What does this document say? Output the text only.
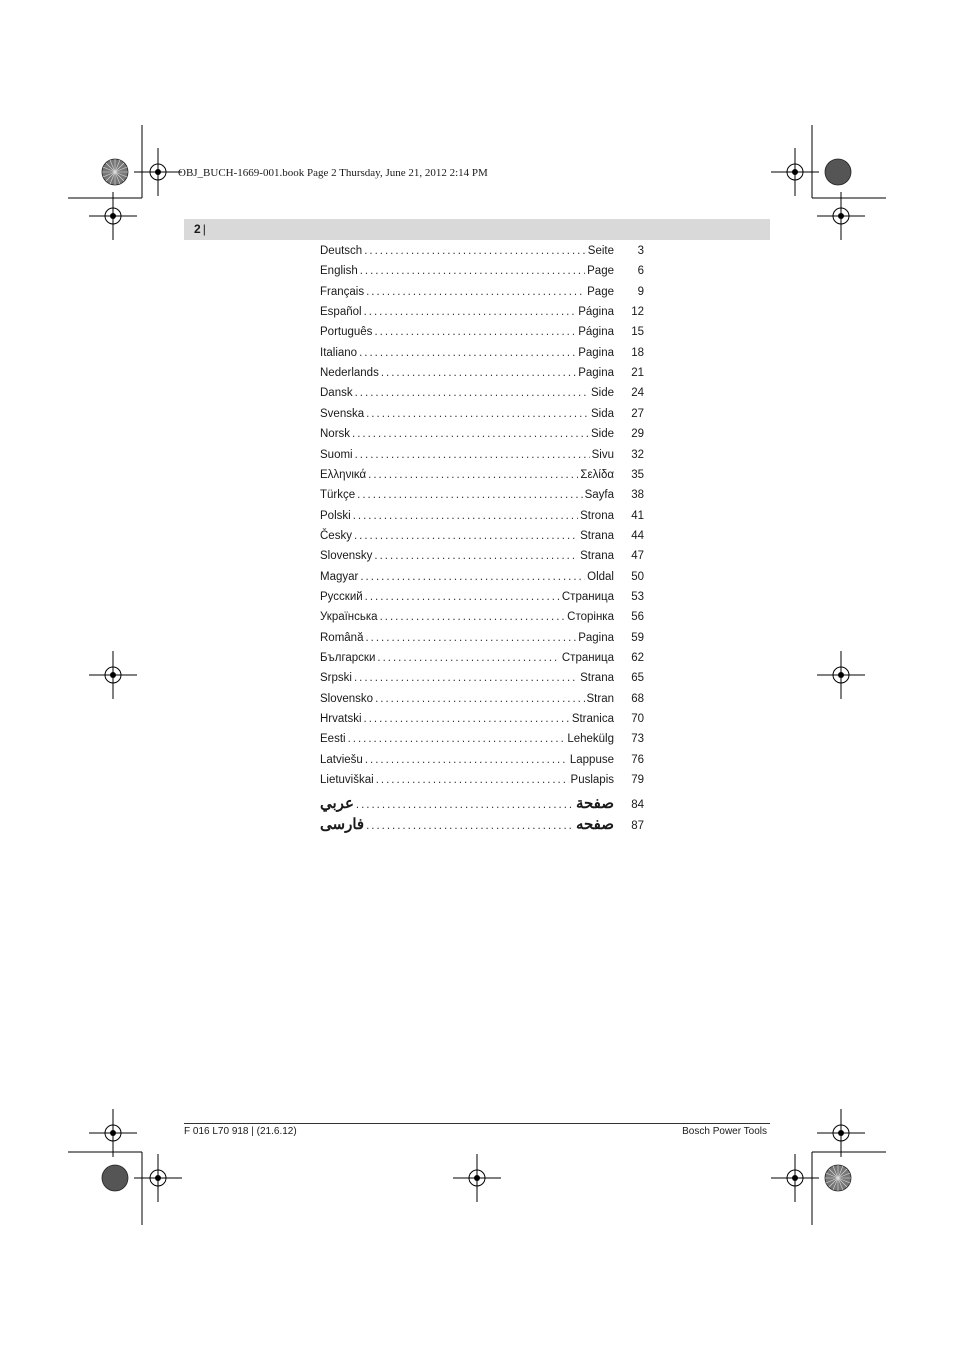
OBJ_BUCH-1669-001.book Page 2 Thursday, June 21, 2012 2:14 PM
2 |
Deutsch .....	Seite	3
English .....	Page	6
Français .....	Page	9
Español .....	Página	12
Português .....	Página	15
Italiano .....	Pagina	18
Nederlands .....	Pagina	21
Dansk .....	Side	24
Svenska .....	Sida	27
Norsk .....	Side	29
Suomi .....	Sivu	32
Ελληνικά .....	Σελίδα	35
Türkçe .....	Sayfa	38
Polski .....	Strona	41
Česky .....	Strana	44
Slovensky .....	Strana	47
Magyar .....	Oldal	50
Русский .....	Страница	53
Українська .....	Сторінка	56
Română .....	Pagina	59
Български .....	Страница	62
Srpski .....	Strana	65
Slovensko .....	Stran	68
Hrvatski .....	Stranica	70
Eesti .....	Lehekülg	73
Latviešu .....	Lappuse	76
Lietuviškai .....	Puslapis	79
عربي .....	صفحة	84
فارسی .....	صفحه	87
F 016 L70 918 | (21.6.12)	Bosch Power Tools
